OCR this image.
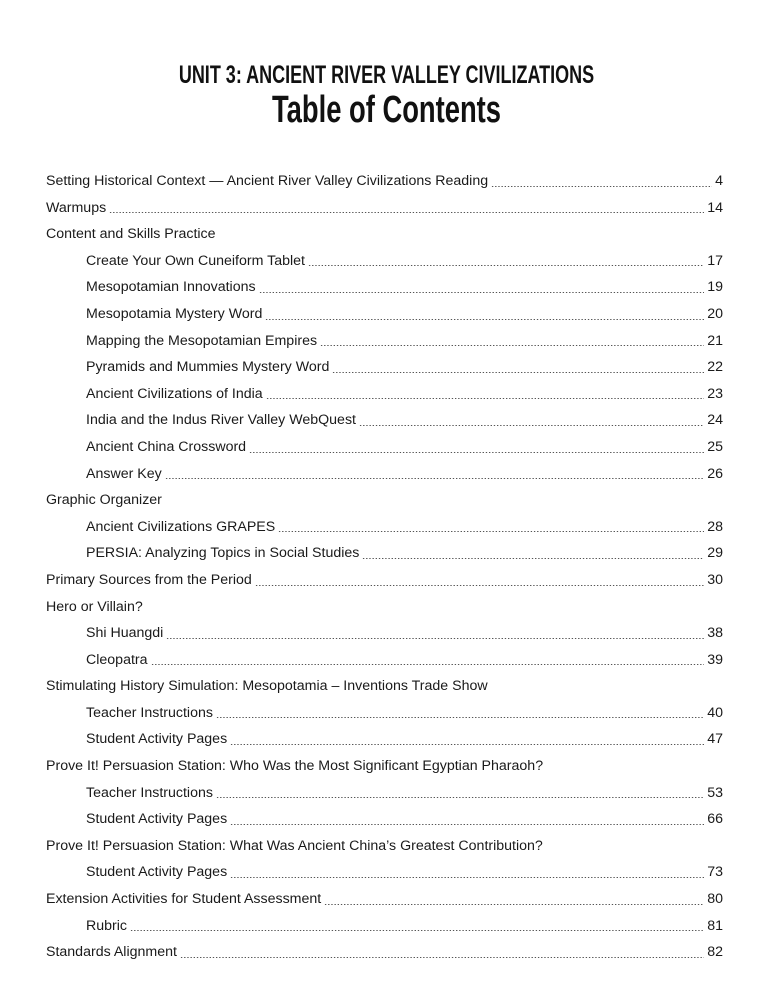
UNIT 3: ANCIENT RIVER VALLEY CIVILIZATIONS
Table of Contents
Setting Historical Context — Ancient River Valley Civilizations Reading	4
Warmups	14
Content and Skills Practice
Create Your Own Cuneiform Tablet	17
Mesopotamian Innovations	19
Mesopotamia Mystery Word	20
Mapping the Mesopotamian Empires	21
Pyramids and Mummies Mystery Word	22
Ancient Civilizations of India	23
India and the Indus River Valley WebQuest	24
Ancient China Crossword	25
Answer Key	26
Graphic Organizer
Ancient Civilizations GRAPES	28
PERSIA: Analyzing Topics in Social Studies	29
Primary Sources from the Period	30
Hero or Villain?
Shi Huangdi	38
Cleopatra	39
Stimulating History Simulation: Mesopotamia – Inventions Trade Show
Teacher Instructions	40
Student Activity Pages	47
Prove It! Persuasion Station: Who Was the Most Significant Egyptian Pharaoh?
Teacher Instructions	53
Student Activity Pages	66
Prove It! Persuasion Station: What Was Ancient China’s Greatest Contribution?
Student Activity Pages	73
Extension Activities for Student Assessment	80
Rubric	81
Standards Alignment	82
